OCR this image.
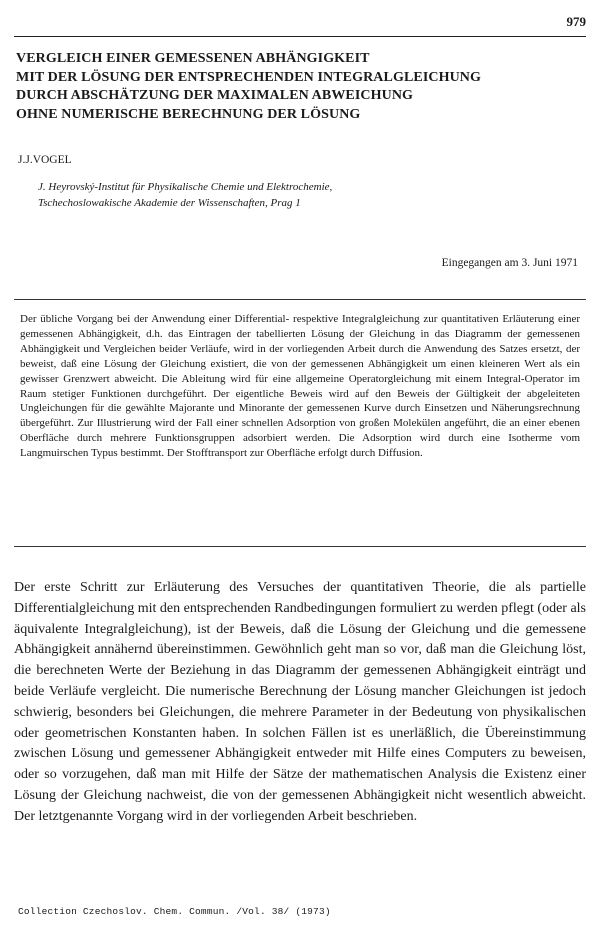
979
VERGLEICH EINER GEMESSENEN ABHÄNGIGKEIT
MIT DER LÖSUNG DER ENTSPRECHENDEN INTEGRALGLEICHUNG
DURCH ABSCHÄTZUNG DER MAXIMALEN ABWEICHUNG
OHNE NUMERISCHE BERECHNUNG DER LÖSUNG
J.J.VOGEL
J. Heyrovský-Institut für Physikalische Chemie und Elektrochemie,
Tschechoslowakische Akademie der Wissenschaften, Prag 1
Eingegangen am 3. Juni 1971

Der übliche Vorgang bei der Anwendung einer Differential- respektive Integralgleichung zur quantitativen Erläuterung einer gemessenen Abhängigkeit, d.h. das Eintragen der tabellierten Lösung der Gleichung in das Diagramm der gemessenen Abhängigkeit und Vergleichen beider Verläufe, wird in der vorliegenden Arbeit durch die Anwendung des Satzes ersetzt, der beweist, daß eine Lösung der Gleichung existiert, die von der gemessenen Abhängigkeit um einen kleineren Wert als ein gewisser Grenzwert abweicht. Die Ableitung wird für eine allgemeine Operatorgleichung mit einem Integral-Operator im Raum stetiger Funktionen durchgeführt. Der eigentliche Beweis wird auf den Beweis der Gültigkeit der abgeleiteten Ungleichungen für die gewählte Majorante und Minorante der gemessenen Kurve durch Einsetzen und Näherungsrechnung übergeführt. Zur Illustrierung wird der Fall einer schnellen Adsorption von großen Molekülen angeführt, die an einer ebenen Oberfläche durch mehrere Funktionsgruppen adsorbiert werden. Die Adsorption wird durch eine Isotherme vom Langmuirschen Typus bestimmt. Der Stofftransport zur Oberfläche erfolgt durch Diffusion.

Der erste Schritt zur Erläuterung des Versuches der quantitativen Theorie, die als partielle Differentialgleichung mit den entsprechenden Randbedingungen formuliert zu werden pflegt (oder als äquivalente Integralgleichung), ist der Beweis, daß die Lösung der Gleichung und die gemessene Abhängigkeit annähernd übereinstimmen. Gewöhnlich geht man so vor, daß man die Gleichung löst, die berechneten Werte der Beziehung in das Diagramm der gemessenen Abhängigkeit einträgt und beide Verläufe vergleicht. Die numerische Berechnung der Lösung mancher Gleichungen ist jedoch schwierig, besonders bei Gleichungen, die mehrere Parameter in der Bedeutung von physikalischen oder geometrischen Konstanten haben. In solchen Fällen ist es unerläßlich, die Übereinstimmung zwischen Lösung und gemessener Abhängigkeit entweder mit Hilfe eines Computers zu beweisen, oder so vorzugehen, daß man mit Hilfe der Sätze der mathematischen Analysis die Existenz einer Lösung der Gleichung nachweist, die von der gemessenen Abhängigkeit nicht wesentlich abweicht. Der letztgenannte Vorgang wird in der vorliegenden Arbeit beschrieben.

Collection Czechoslov. Chem. Commun. /Vol. 38/ (1973)
